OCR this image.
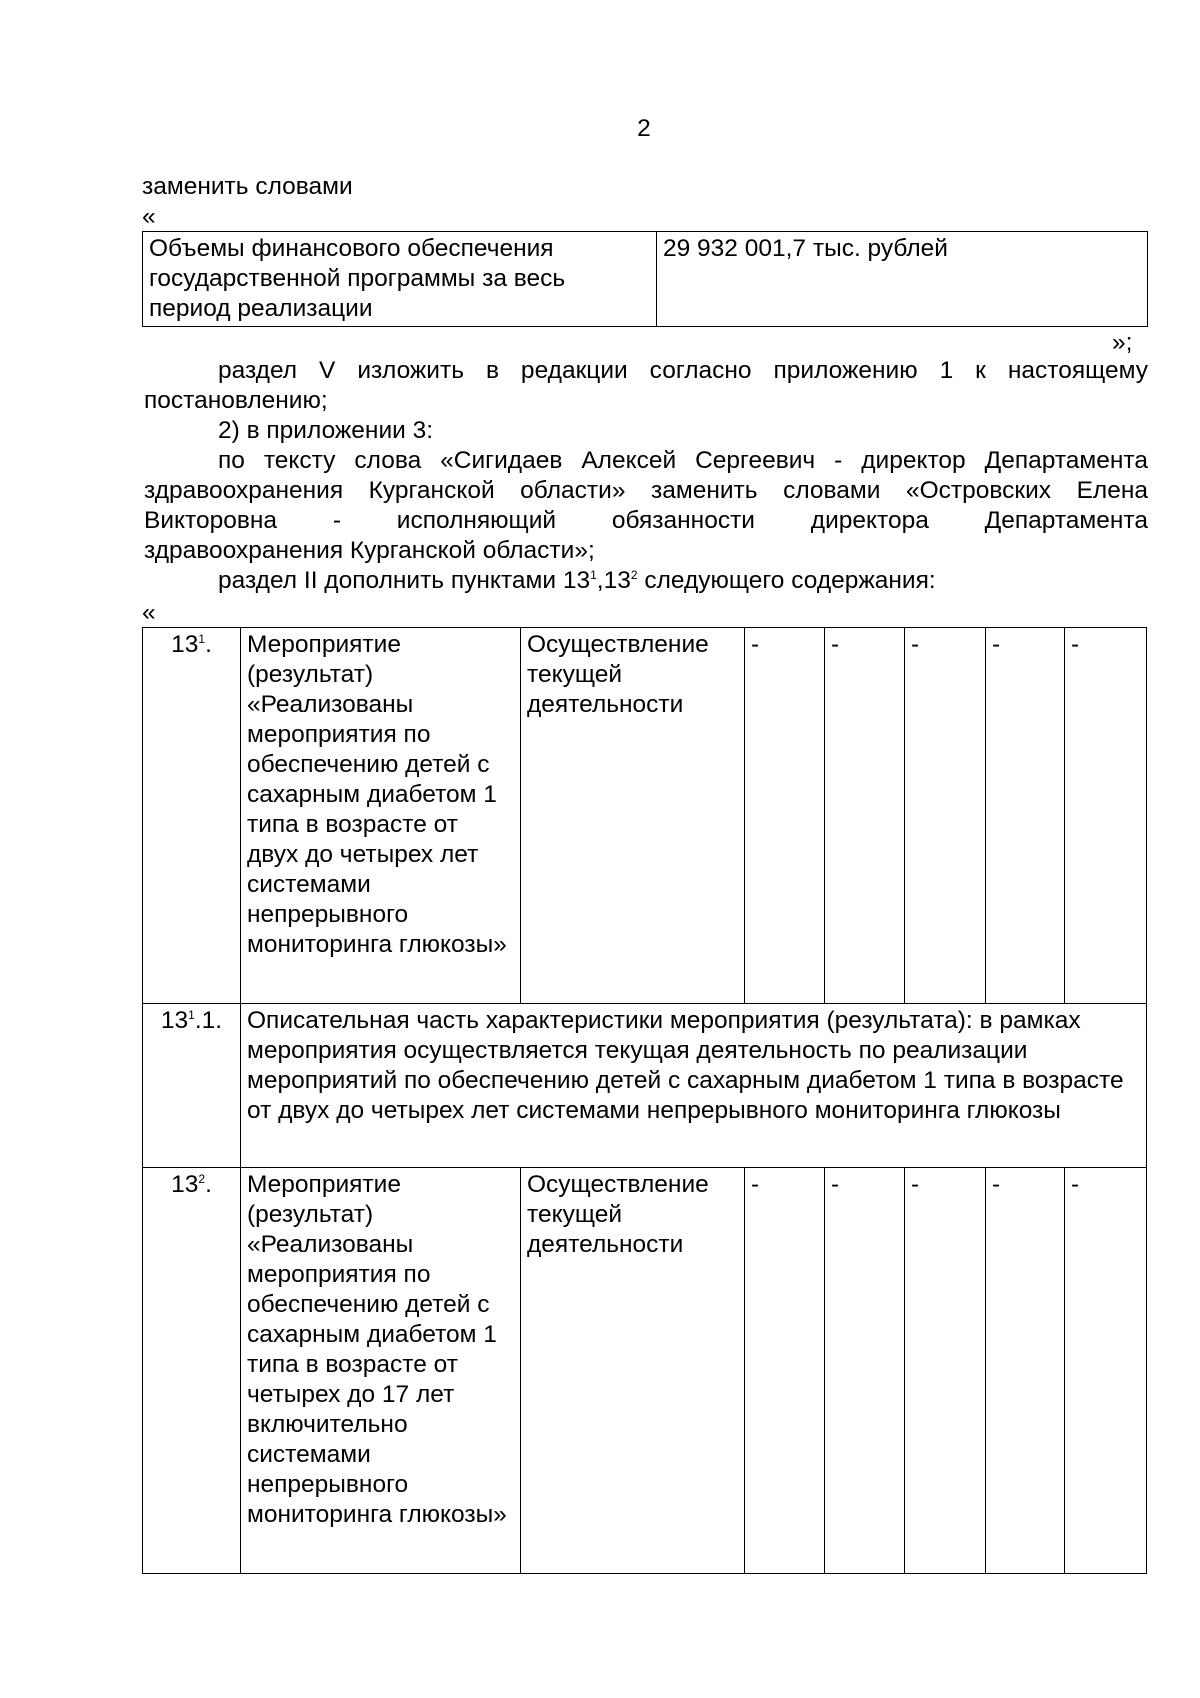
2
заменить словами
«
Объемы финансового обеспечения государственной программы за весь период реализации	29 932 001,7 тыс. рублей
»;
раздел V изложить в редакции согласно приложению 1 к настоящему
постановлению;
2) в приложении 3:
по тексту слова «Сигидаев Алексей Сергеевич - директор Департамента
здравоохранения Курганской области» заменить словами «Островских Елена
Викторовна - исполняющий обязанности директора Департамента
здравоохранения Курганской области»;
раздел II дополнить пунктами $13^1,13^2$ следующего содержания:
«
$13^1$.	Мероприятие (результат) «Реализованы мероприятия по обеспечению детей с сахарным диабетом 1 типа в возрасте от двух до четырех лет системами непрерывного мониторинга глюкозы»	Осуществление текущей деятельности	-	-	-	-	-
$13^1.1$.	Описательная часть характеристики мероприятия (результата): в рамках мероприятия осуществляется текущая деятельность по реализации мероприятий по обеспечению детей с сахарным диабетом 1 типа в возрасте от двух до четырех лет системами непрерывного мониторинга глюкозы						
$13^2$.	Мероприятие (результат) «Реализованы мероприятия по обеспечению детей с сахарным диабетом 1 типа в возрасте от четырех до 17 лет включительно системами непрерывного мониторинга глюкозы»	Осуществление текущей деятельности	-	-	-	-	-
